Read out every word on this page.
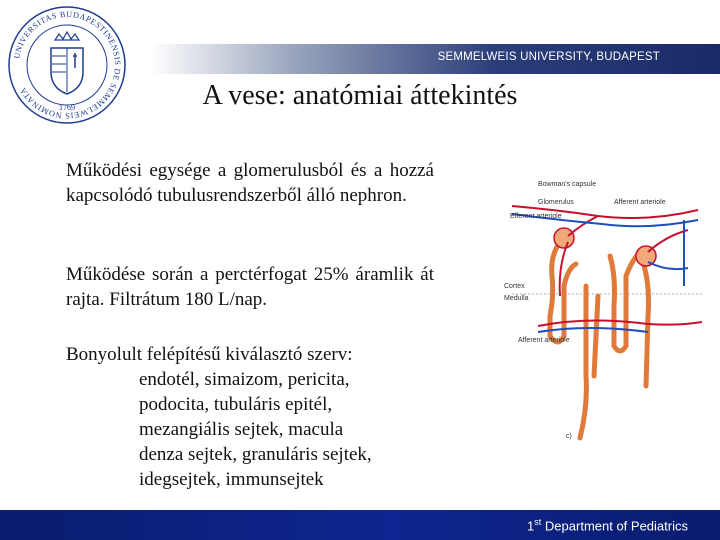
UNIVERSITAS BUDAPESTINENSIS DE SEMMELWEIS NOMINATA
1769
SEMMELWEIS UNIVERSITY, BUDAPEST
A vese: anatómiai áttekintés
Működési egysége a glomerulusból és a hozzá kapcsolódó tubulusrendszerből álló nephron.
Működése során a perctérfogat 25% áramlik át rajta. Filtrátum 180 L/nap.
Bonyolult felépítésű kiválasztó szerv:
endotél, simaizom, pericita,
podocita, tubuláris epitél,
mezangiális sejtek, macula
denza sejtek, granuláris sejtek,
idegsejtek, immunsejtek
Bowman's capsule
Glomerulus	Afferent arteriole
Efferent arteriole
Cortex
Medulla
Afferent arteriole
c)
1st Department of Pediatrics
